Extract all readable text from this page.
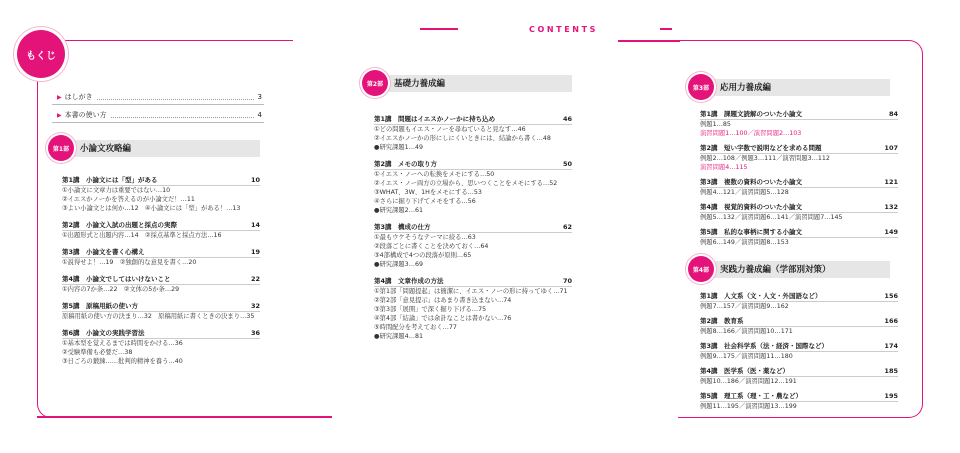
CONTENTS
もくじ
▶ はしがき	3
▶ 本書の使い方	4
第1部	小論文攻略編
第2部	基礎力養成編	第3部	応用力養成編
第4部	実践力養成編（学部別対策）
第1講　小論文には「型」がある	10
①小論文に文章力は重要ではない…10
②イエスかノーかを答えるのが小論文だ！…11
③よい小論文とは何か…12　④小論文には「型」がある！…13
第2講　小論文入試の出題と採点の実際	14
①出題形式と出題内容…14　②採点基準と採点方法…16
第3講　小論文を書く心構え	19
①説得せよ！…19　②独創的な意見を書く…20
第4講　小論文でしてはいけないこと	22
①内容の7か条…22　②文体の5か条…29
第5講　原稿用紙の使い方	32
原稿用紙の使い方の決まり…32　原稿用紙に書くときの決まり…35
第6講　小論文の実践学習法	36
①基本型を覚えるまでは時間をかける…36
②受験準備も必要だ…38
③日ごろの鍛錬……批判的精神を養う…40
第1講　問題はイエスかノーかに持ち込め	46
①どの問題もイエス・ノーを尋ねていると見なす…46
②イエスかノーかの形にしにくいときには、結論から書く…48
●研究課題1…49
第2講　メモの取り方	50
①イエス・ノーへの転換をメモにする…50
②イエス・ノー両方の立場から、思いつくことをメモにする…52
③WHAT、3W、1Hをメモにする…53
④さらに掘り下げてメモをする…56
●研究課題2…61
第3講　構成の仕方	62
①最もウケそうなテーマに絞る…63
②段落ごとに書くことを決めておく…64
③4部構成で4つの段落が原則…65
●研究課題3…69
第4講　文章作成の方法	70
①第1部「問題提起」は簡潔に、イエス・ノーの形に持ってゆく…71
②第2部「意見提示」はあまり書き込まない…74
③第3部「展開」で深く掘り下げる…75
④第4部「結論」では余計なことは書かない…76
⑤時間配分を考えておく…77
●研究課題4…81
第1講　課題文読解のついた小論文	84
例題1…85
演習問題1…100／演習問題2…103
第2講　短い字数で説明などを求める問題	107
例題2…108／例題3…111／演習問題3…112
演習問題4…115
第3講　複数の資料のついた小論文	121
例題4…121／演習問題5…128
第4講　視覚的資料のついた小論文	132
例題5…132／演習問題6…141／演習問題7…145
第5講　私的な事柄に関する小論文	149
例題6…149／演習問題8…153
第1講　人文系（文・人文・外国語など）	156
例題7…157／演習問題9…162
第2講　教育系	166
例題8…166／演習問題10…171
第3講　社会科学系（法・経済・国際など）	174
例題9…175／演習問題11…180
第4講　医学系（医・薬など）	185
例題10…186／演習問題12…191
第5講　理工系（理・工・農など）	195
例題11…195／演習問題13…199
